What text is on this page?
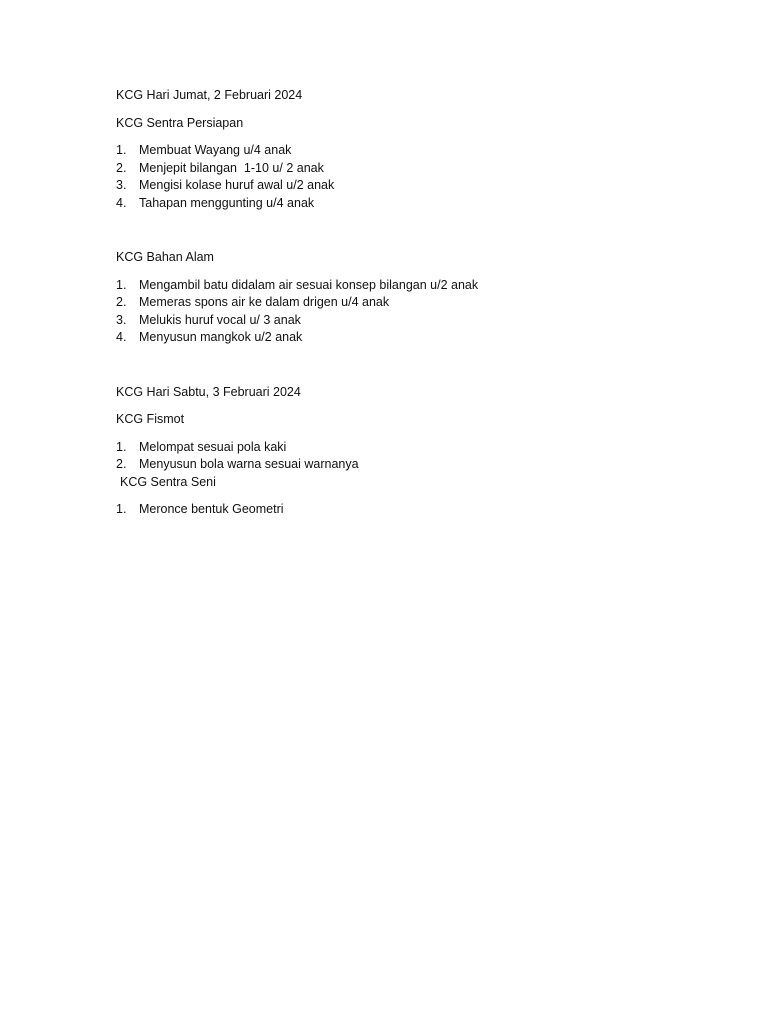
KCG Hari Jumat, 2 Februari 2024

KCG Sentra Persiapan

1. Membuat Wayang u/4 anak
2. Menjepit bilangan  1-10 u/ 2 anak
3. Mengisi kolase huruf awal u/2 anak
4. Tahapan menggunting u/4 anak

KCG Bahan Alam

1. Mengambil batu didalam air sesuai konsep bilangan u/2 anak
2. Memeras spons air ke dalam drigen u/4 anak
3. Melukis huruf vocal u/ 3 anak
4. Menyusun mangkok u/2 anak

KCG Hari Sabtu, 3 Februari 2024

KCG Fismot

1. Melompat sesuai pola kaki
2. Menyusun bola warna sesuai warnanya

KCG Sentra Seni

1. Meronce bentuk Geometri
